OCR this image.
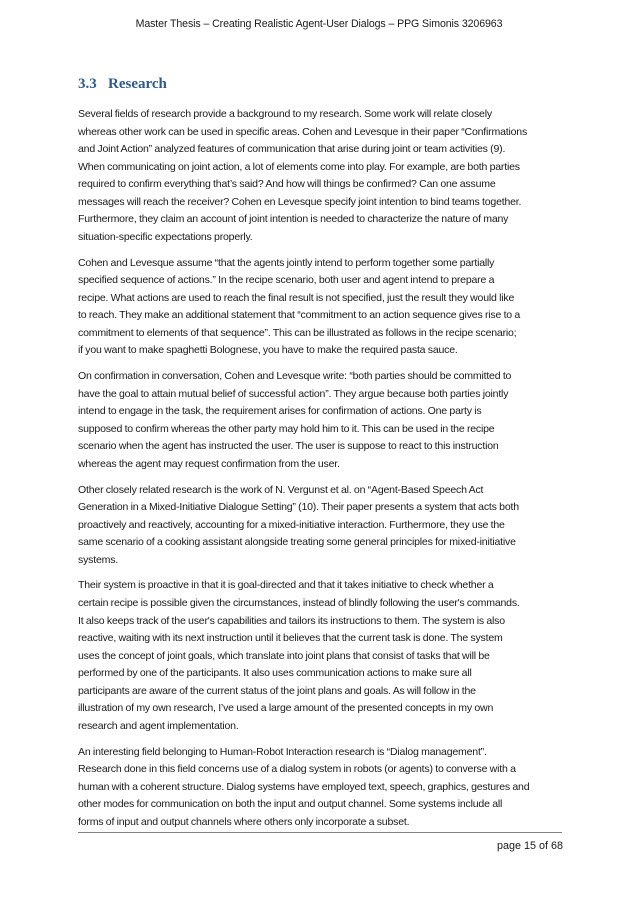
Master Thesis – Creating Realistic Agent-User Dialogs – PPG Simonis 3206963
3.3 Research

Several fields of research provide a background to my research. Some work will relate closely
whereas other work can be used in specific areas. Cohen and Levesque in their paper “Confirmations
and Joint Action” analyzed features of communication that arise during joint or team activities (9).
When communicating on joint action, a lot of elements come into play. For example, are both parties
required to confirm everything that’s said? And how will things be confirmed? Can one assume
messages will reach the receiver? Cohen en Levesque specify joint intention to bind teams together.
Furthermore, they claim an account of joint intention is needed to characterize the nature of many
situation-specific expectations properly.

Cohen and Levesque assume “that the agents jointly intend to perform together some partially
specified sequence of actions.” In the recipe scenario, both user and agent intend to prepare a
recipe. What actions are used to reach the final result is not specified, just the result they would like
to reach. They make an additional statement that “commitment to an action sequence gives rise to a
commitment to elements of that sequence”. This can be illustrated as follows in the recipe scenario;
if you want to make spaghetti Bolognese, you have to make the required pasta sauce.

On confirmation in conversation, Cohen and Levesque write: “both parties should be committed to
have the goal to attain mutual belief of successful action”. They argue because both parties jointly
intend to engage in the task, the requirement arises for confirmation of actions. One party is
supposed to confirm whereas the other party may hold him to it. This can be used in the recipe
scenario when the agent has instructed the user. The user is suppose to react to this instruction
whereas the agent may request confirmation from the user.

Other closely related research is the work of N. Vergunst et al. on “Agent-Based Speech Act
Generation in a Mixed-Initiative Dialogue Setting” (10). Their paper presents a system that acts both
proactively and reactively, accounting for a mixed-initiative interaction. Furthermore, they use the
same scenario of a cooking assistant alongside treating some general principles for mixed-initiative
systems.

Their system is proactive in that it is goal-directed and that it takes initiative to check whether a
certain recipe is possible given the circumstances, instead of blindly following the user's commands.
It also keeps track of the user's capabilities and tailors its instructions to them. The system is also
reactive, waiting with its next instruction until it believes that the current task is done. The system
uses the concept of joint goals, which translate into joint plans that consist of tasks that will be
performed by one of the participants. It also uses communication actions to make sure all
participants are aware of the current status of the joint plans and goals. As will follow in the
illustration of my own research, I’ve used a large amount of the presented concepts in my own
research and agent implementation.

An interesting field belonging to Human-Robot Interaction research is “Dialog management”.
Research done in this field concerns use of a dialog system in robots (or agents) to converse with a
human with a coherent structure. Dialog systems have employed text, speech, graphics, gestures and
other modes for communication on both the input and output channel. Some systems include all
forms of input and output channels where others only incorporate a subset.

page 15 of 68
